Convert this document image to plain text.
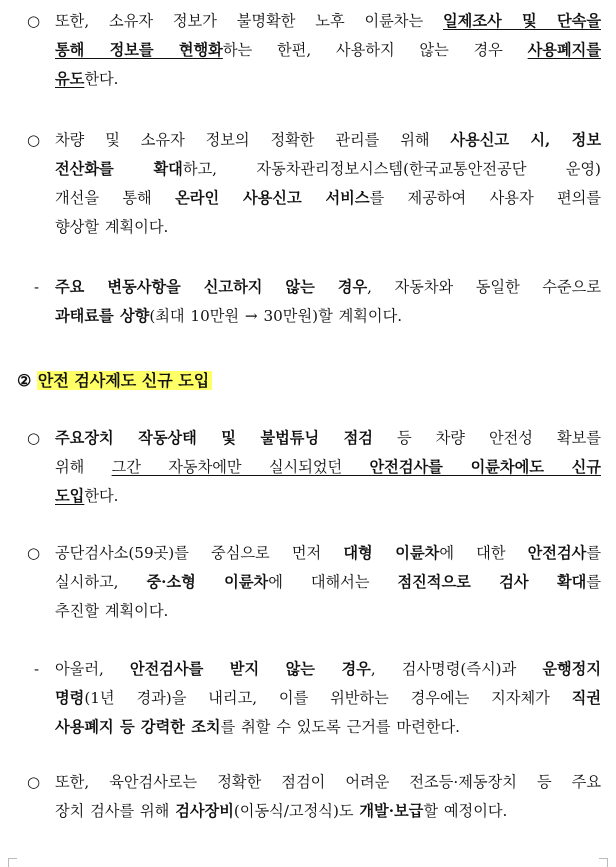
○ 또한, 소유자 정보가 불명확한 노후 이륜차는 일제조사 및 단속을
통해 정보를 현행화하는 한편, 사용하지 않는 경우 사용폐지를
유도한다.
○ 차량 및 소유자 정보의 정확한 관리를 위해 사용신고 시, 정보
전산화를 확대하고, 자동차관리정보시스템(한국교통안전공단 운영)
개선을 통해 온라인 사용신고 서비스를 제공하여 사용자 편의를
향상할 계획이다.
- 주요 변동사항을 신고하지 않는 경우, 자동차와 동일한 수준으로
과태료를 상향(최대 10만원 → 30만원)할 계획이다.
② 안전 검사제도 신규 도입
○ 주요장치 작동상태 및 불법튜닝 점검 등 차량 안전성 확보를
위해 그간 자동차에만 실시되었던 안전검사를 이륜차에도 신규
도입한다.
○ 공단검사소(59곳)를 중심으로 먼저 대형 이륜차에 대한 안전검사를
실시하고, 중·소형 이륜차에 대해서는 점진적으로 검사 확대를
추진할 계획이다.
- 아울러, 안전검사를 받지 않는 경우, 검사명령(즉시)과 운행정지
명령(1년 경과)을 내리고, 이를 위반하는 경우에는 지자체가 직권
사용폐지 등 강력한 조치를 취할 수 있도록 근거를 마련한다.
○ 또한, 육안검사로는 정확한 점검이 어려운 전조등·제동장치 등 주요
장치 검사를 위해 검사장비(이동식/고정식)도 개발·보급할 예정이다.
